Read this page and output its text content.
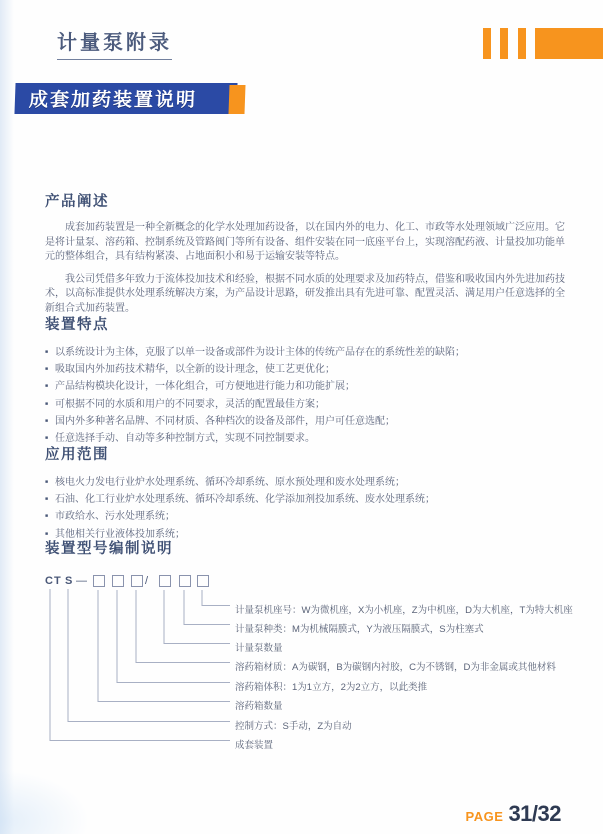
计量泵附录
成套加药装置说明
产品阐述

成套加药装置是一种全新概念的化学水处理加药设备，以在国内外的电力、化工、市政等水处理领域广泛应用。它是将计量泵、溶药箱、控制系统及管路阀门等所有设备、组件安装在同一底座平台上，实现溶配药液、计量投加功能单元的整体组合，具有结构紧凑、占地面积小和易于运输安装等特点。

我公司凭借多年致力于流体投加技术和经验，根据不同水质的处理要求及加药特点，借鉴和吸收国内外先进加药技术，以高标准提供水处理系统解决方案，为产品设计思路，研发推出具有先进可靠、配置灵活、满足用户任意选择的全新组合式加药装置。

装置特点
■ 以系统设计为主体，克服了以单一设备或部件为设计主体的传统产品存在的系统性差的缺陷；
■ 吸取国内外加药技术精华，以全新的设计理念，使工艺更优化；
■ 产品结构模块化设计，一体化组合，可方便地进行能力和功能扩展；
■ 可根据不同的水质和用户的不同要求，灵活的配置最佳方案；
■ 国内外多种著名品牌、不同材质、各种档次的设备及部件，用户可任意选配；
■ 任意选择手动、自动等多种控制方式，实现不同控制要求。
应用范围
■ 核电火力发电行业炉水处理系统、循环冷却系统、原水预处理和废水处理系统；
■ 石油、化工行业炉水处理系统、循环冷却系统、化学添加剂投加系统、废水处理系统；
■ 市政给水、污水处理系统；
■ 其他相关行业液体投加系统；
装置型号编制说明
CT S —	/
计量泵机座号：W为微机座，X为小机座，Z为中机座，D为大机座，T为特大机座
计量泵种类：M为机械隔膜式，Y为液压隔膜式，S为柱塞式
计量泵数量
溶药箱材质：A为碳钢，B为碳钢内衬胶，C为不锈钢，D为非金属或其他材料
溶药箱体积：1为1立方，2为2立方，以此类推
溶药箱数量
控制方式：S手动，Z为自动
成套装置
PAGE 31/32
